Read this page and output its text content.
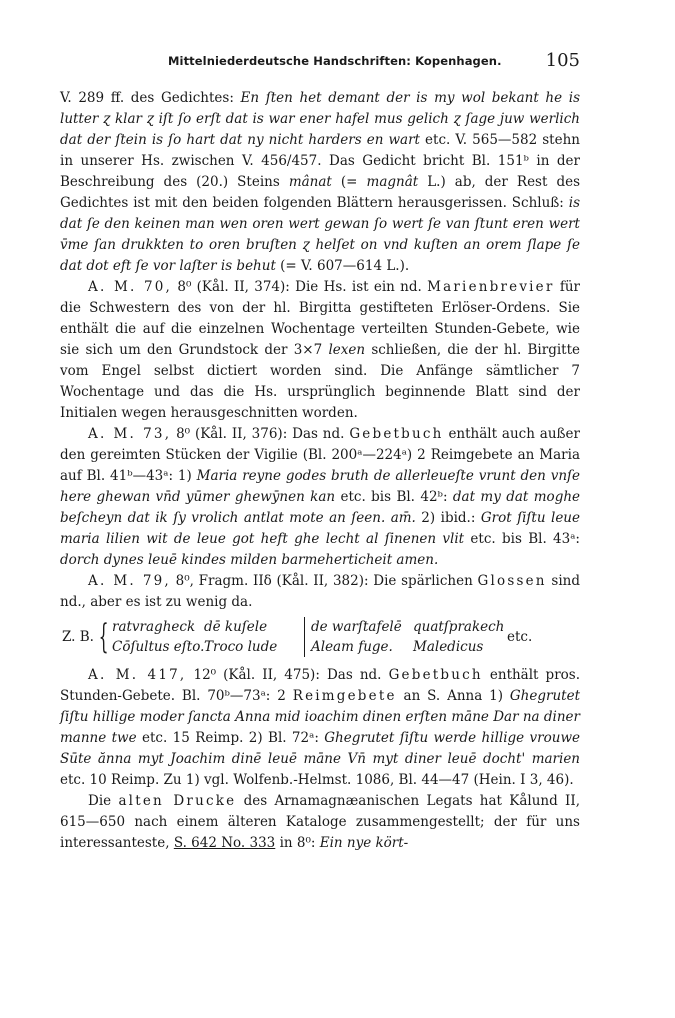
Mittelniederdeutsche Handschriften: Kopenhagen. 105

V. 289 ff. des Gedichtes: En ſten het demant der is my wol bekant he is lutter ɀ klar ɀ iſt ſo erſt dat is war ener hafel mus gelich ɀ ſage juw werlich dat der ſtein is ſo hart dat ny nicht harders en wart etc. V. 565—582 stehn in unserer Hs. zwischen V. 456/457. Das Gedicht bricht Bl. 151ᵇ in der Beschreibung des (20.) Steins mânat (= magnât L.) ab, der Rest des Gedichtes ist mit den beiden folgenden Blättern herausgerissen. Schluß: is dat ſe den keinen man wen oren wert gewan ſo wert ſe van ſtunt eren wert v̄me ſan drukkten to oren bruſten ɀ helſet on vnd kuſten an orem ſlape ſe dat dot eft ſe vor laſter is behut (= V. 607—614 L.).

A. M. 70, 8⁰ (Kål. II, 374): Die Hs. ist ein nd. Marienbrevier für die Schwestern des von der hl. Birgitta gestifteten Erlöser-Ordens. Sie enthält die auf die einzelnen Wochentage verteilten Stunden-Gebete, wie sie sich um den Grundstock der 3×7 lexen schließen, die der hl. Birgitte vom Engel selbst dictiert worden sind. Die Anfänge sämtlicher 7 Wochentage und das die Hs. ursprünglich beginnende Blatt sind der Initialen wegen herausgeschnitten worden.

A. M. 73, 8⁰ (Kål. II, 376): Das nd. Gebetbuch enthält auch außer den gereimten Stücken der Vigilie (Bl. 200ᵃ—224ᵃ) 2 Reimgebete an Maria auf Bl. 41ᵇ—43ᵃ: 1) Maria reyne godes bruth de allerleueſte vrunt den vnſe here ghewan vn̄d yūmer ghewȳnen kan etc. bis Bl. 42ᵇ: dat my dat moghe beſcheyn dat ik ſy vrolich antlat mote an ſeen. am̄. 2) ibid.: Grot ſiſtu leue maria lilien wit de leue got heft ghe lecht al ſinenen vlit etc. bis Bl. 43ᵃ: dorch dynes leuē kindes milden barmeherticheit amen.

A. M. 79, 8⁰, Fragm. IIδ (Kål. II, 382): Die spärlichen Glossen sind nd., aber es ist zu wenig da.

Z. B. { ratvragheck
Cōſultus eſto.
dē kuſele
Troco lude
de warſtafelē
Aleam fuge.
quatſprakech
Maledicus
etc.

A. M. 417, 12⁰ (Kål. II, 475): Das nd. Gebetbuch enthält pros. Stunden-Gebete. Bl. 70ᵇ—73ᵃ: 2 Reimgebete an S. Anna 1) Ghegrutet ſiſtu hillige moder ſancta Anna mid ioachim dinen erſten māne Dar na diner manne twe etc. 15 Reimp. 2) Bl. 72ᵃ: Ghegrutet ſiſtu werde hillige vrouwe Sūte ănna myt Joachim dinē leuē māne Vn̄ myt diner leuē docht' marien etc. 10 Reimp. Zu 1) vgl. Wolfenb.-Helmst. 1086, Bl. 44—47 (Hein. I 3, 46).

Die alten Drucke des Arnamagnæanischen Legats hat Kålund II, 615—650 nach einem älteren Kataloge zusammengestellt; der für uns interessanteste, S. 642 No. 333 in 8⁰: Ein nye kört-
